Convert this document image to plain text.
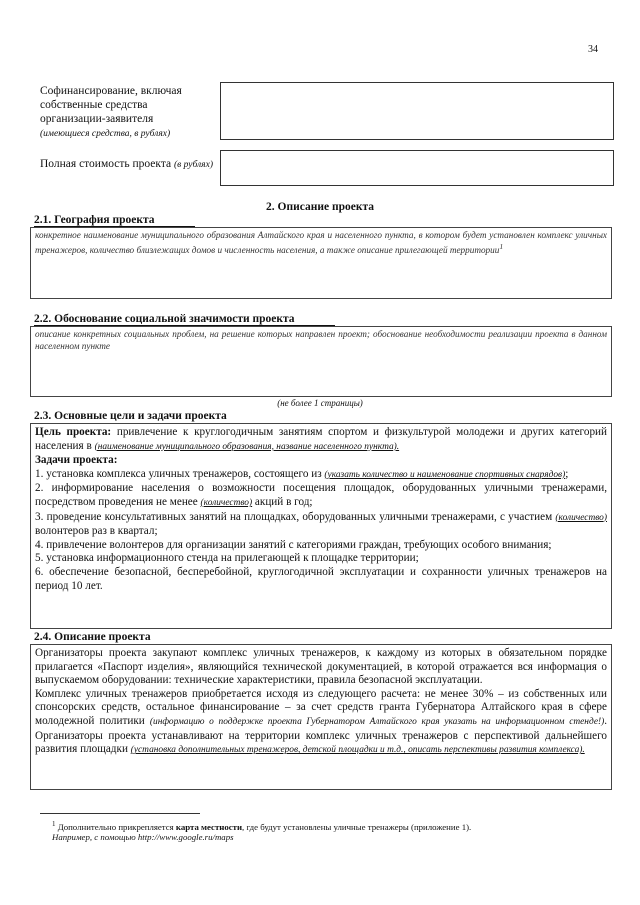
34
Софинансирование, включая собственные средства организации-заявителя
(имеющиеся средства, в рублях)
Полная стоимость проекта (в рублях)
2. Описание проекта
2.1. География проекта
конкретное наименование муниципального образования Алтайского края и населенного пункта, в котором будет установлен комплекс уличных тренажеров, количество близлежащих домов и численность населения, а также описание прилегающей территории$^1$
2.2. Обоснование социальной значимости проекта
описание конкретных социальных проблем, на решение которых направлен проект; обоснование необходимости реализации проекта в данном населенном пункте
(не более 1 страницы)
2.3. Основные цели и задачи проекта

Цель проекта: привлечение к круглогодичным занятиям спортом и физкультурой молодежи и других категорий населения в (наименование муниципального образования, название населенного пункта).

Задачи проекта:

1. установка комплекса уличных тренажеров, состоящего из (указать количество и наименование спортивных снарядов);

2. информирование населения о возможности посещения площадок, оборудованных уличными тренажерами, посредством проведения не менее (количество) акций в год;

3. проведение консультативных занятий на площадках, оборудованных уличными тренажерами, с участием (количество) волонтеров раз в квартал;

4. привлечение волонтеров для организации занятий с категориями граждан, требующих особого внимания;

5. установка информационного стенда на прилегающей к площадке территории;

6. обеспечение безопасной, бесперебойной, круглогодичной эксплуатации и сохранности уличных тренажеров на период 10 лет.

2.4. Описание проекта

Организаторы проекта закупают комплекс уличных тренажеров, к каждому из которых в обязательном порядке прилагается «Паспорт изделия», являющийся технической документацией, в которой отражается вся информация о выпускаемом оборудовании: технические характеристики, правила безопасной эксплуатации.

Комплекс уличных тренажеров приобретается исходя из следующего расчета: не менее 30% – из собственных или спонсорских средств, остальное финансирование – за счет средств гранта Губернатора Алтайского края в сфере молодежной политики (информацию о поддержке проекта Губернатором Алтайского края указать на информационном стенде!). Организаторы проекта устанавливают на территории комплекс уличных тренажеров с перспективой дальнейшего развития площадки (установка дополнительных тренажеров, детской площадки и т.д., описать перспективы развития комплекса).

$^1$ Дополнительно прикрепляется карта местности, где будут установлены уличные тренажеры (приложение 1).
Например, с помощью http://www.google.ru/maps
